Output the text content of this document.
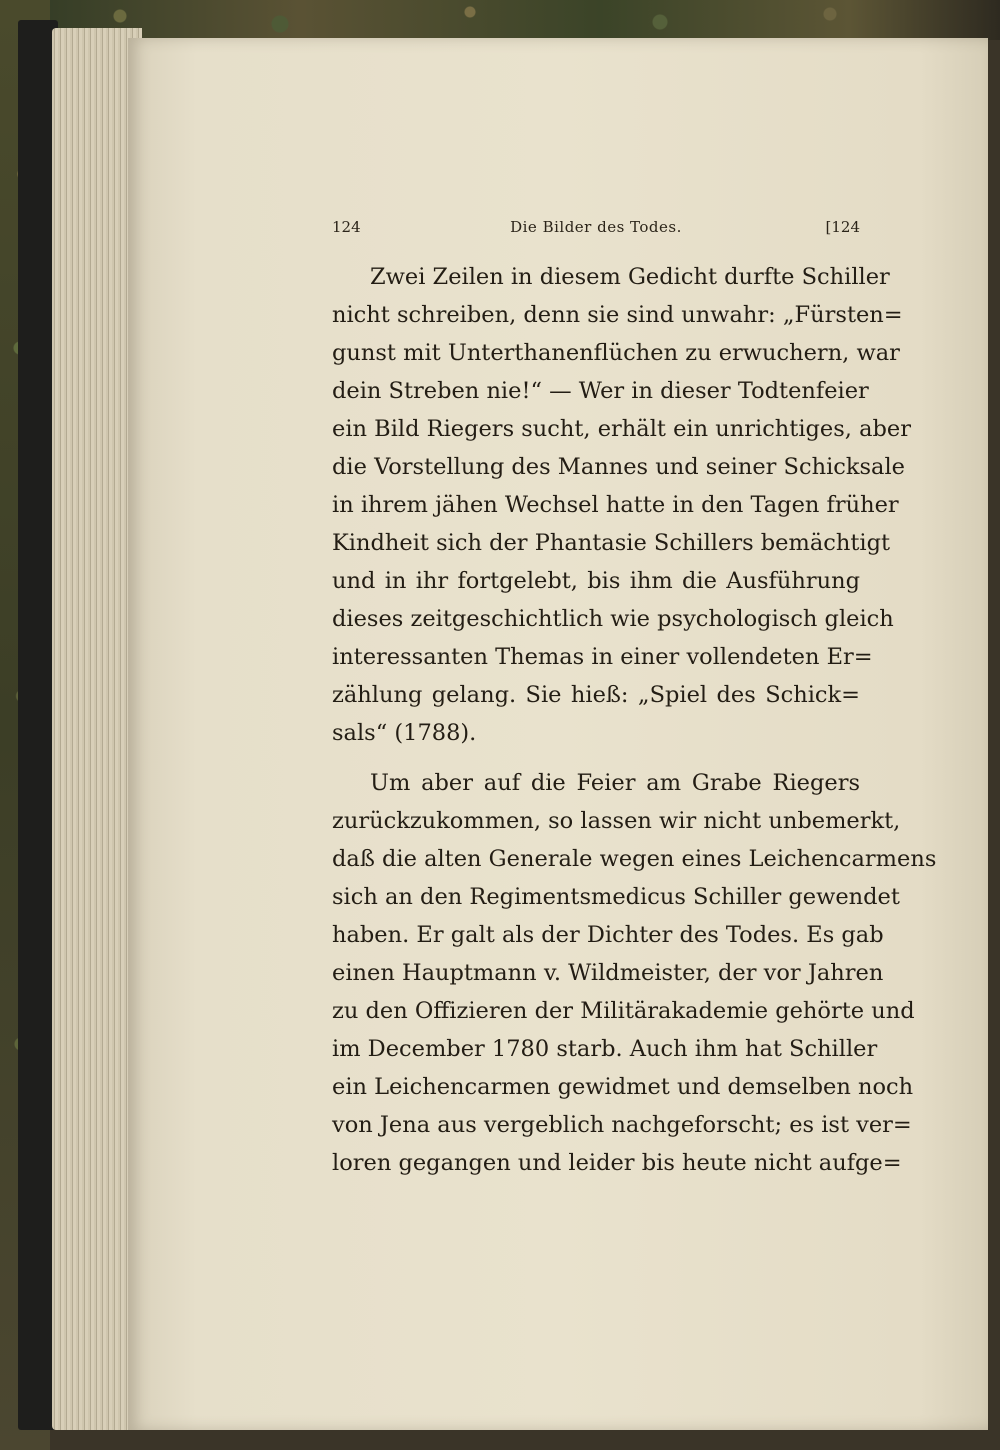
124	Die Bilder des Todes.	[124
Zwei Zeilen in diesem Gedicht durfte Schiller
nicht schreiben, denn sie sind unwahr: „Fürsten=
gunst mit Unterthanenflüchen zu erwuchern, war
dein Streben nie!“ — Wer in dieser Todtenfeier
ein Bild Riegers sucht, erhält ein unrichtiges, aber
die Vorstellung des Mannes und seiner Schicksale
in ihrem jähen Wechsel hatte in den Tagen früher
Kindheit sich der Phantasie Schillers bemächtigt
und in ihr fortgelebt, bis ihm die Ausführung
dieses zeitgeschichtlich wie psychologisch gleich
interessanten Themas in einer vollendeten Er=
zählung gelang. Sie hieß: „Spiel des Schick=
sals“ (1788).
Um aber auf die Feier am Grabe Riegers
zurückzukommen, so lassen wir nicht unbemerkt,
daß die alten Generale wegen eines Leichencarmens
sich an den Regimentsmedicus Schiller gewendet
haben. Er galt als der Dichter des Todes. Es gab
einen Hauptmann v. Wildmeister, der vor Jahren
zu den Offizieren der Militärakademie gehörte und
im December 1780 starb. Auch ihm hat Schiller
ein Leichencarmen gewidmet und demselben noch
von Jena aus vergeblich nachgeforscht; es ist ver=
loren gegangen und leider bis heute nicht aufge=
